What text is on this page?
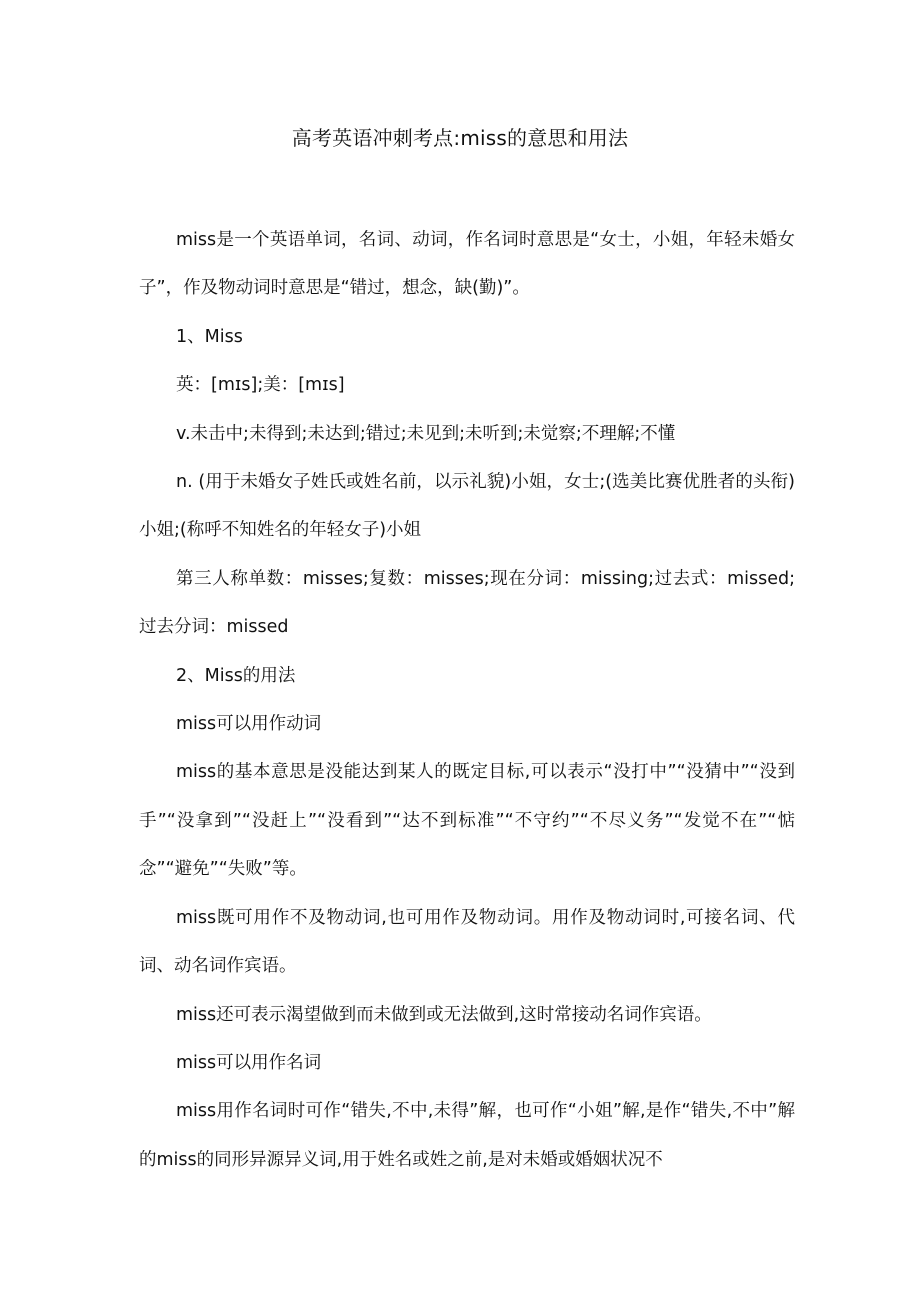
高考英语冲刺考点:miss的意思和用法

miss是一个英语单词，名词、动词，作名词时意思是“女士，小姐，年轻未婚女子”，作及物动词时意思是“错过，想念，缺(勤)”。

1、Miss

英：[mɪs];美：[mɪs]

v.未击中;未得到;未达到;错过;未见到;未听到;未觉察;不理解;不懂

n. (用于未婚女子姓氏或姓名前，以示礼貌)小姐，女士;(选美比赛优胜者的头衔)小姐;(称呼不知姓名的年轻女子)小姐

第三人称单数：misses;复数：misses;现在分词：missing;过去式：missed;过去分词：missed

2、Miss的用法

miss可以用作动词

miss的基本意思是没能达到某人的既定目标,可以表示“没打中”“没猜中”“没到手”“没拿到”“没赶上”“没看到”“达不到标准”“不守约”“不尽义务”“发觉不在”“惦念”“避免”“失败”等。

miss既可用作不及物动词,也可用作及物动词。用作及物动词时,可接名词、代词、动名词作宾语。

miss还可表示渴望做到而未做到或无法做到,这时常接动名词作宾语。

miss可以用作名词

miss用作名词时可作“错失,不中,未得”解，也可作“小姐”解,是作“错失,不中”解的miss的同形异源异义词,用于姓名或姓之前,是对未婚或婚姻状况不
